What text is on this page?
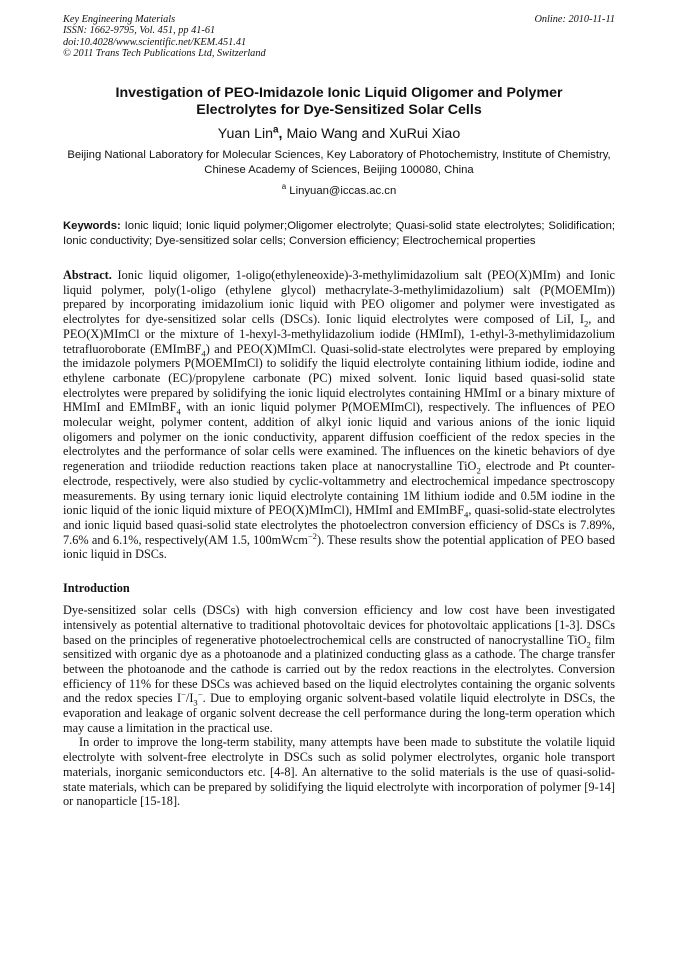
Key Engineering Materials
ISSN: 1662-9795, Vol. 451, pp 41-61
doi:10.4028/www.scientific.net/KEM.451.41
© 2011 Trans Tech Publications Ltd, Switzerland
Online: 2010-11-11
Investigation of PEO-Imidazole Ionic Liquid Oligomer and Polymer
Electrolytes for Dye-Sensitized Solar Cells
Yuan Lin$^a$, Maio Wang and XuRui Xiao
Beijing National Laboratory for Molecular Sciences, Key Laboratory of Photochemistry, Institute of Chemistry, Chinese Academy of Sciences, Beijing 100080, China
$^a$ Linyuan@iccas.ac.cn
Keywords: Ionic liquid; Ionic liquid polymer;Oligomer electrolyte; Quasi-solid state electrolytes; Solidification; Ionic conductivity; Dye-sensitized solar cells; Conversion efficiency; Electrochemical properties
Abstract. Ionic liquid oligomer, 1-oligo(ethyleneoxide)-3-methylimidazolium salt (PEO(X)MIm) and Ionic liquid polymer, poly(1-oligo (ethylene glycol) methacrylate-3-methylimidazolium) salt (P(MOEMIm)) prepared by incorporating imidazolium ionic liquid with PEO oligomer and polymer were investigated as electrolytes for dye-sensitized solar cells (DSCs). Ionic liquid electrolytes were composed of LiI, $I_2$, and PEO(X)MImCl or the mixture of 1-hexyl-3-methylidazolium iodide (HMImI), 1-ethyl-3-methylimidazolium tetrafluoroborate (EMImBF$_4$) and PEO(X)MImCl. Quasi-solid-state electrolytes were prepared by employing the imidazole polymers P(MOEMImCl) to solidify the liquid electrolyte containing lithium iodide, iodine and ethylene carbonate (EC)/propylene carbonate (PC) mixed solvent. Ionic liquid based quasi-solid state electrolytes were prepared by solidifying the ionic liquid electrolytes containing HMImI or a binary mixture of HMImI and EMImBF$_4$ with an ionic liquid polymer P(MOEMImCl), respectively. The influences of PEO molecular weight, polymer content, addition of alkyl ionic liquid and various anions of the ionic liquid oligomers and polymer on the ionic conductivity, apparent diffusion coefficient of the redox species in the electrolytes and the performance of solar cells were examined. The influences on the kinetic behaviors of dye regeneration and triiodide reduction reactions taken place at nanocrystalline TiO$_2$ electrode and Pt counter-electrode, respectively, were also studied by cyclic-voltammetry and electrochemical impedance spectroscopy measurements. By using ternary ionic liquid electrolyte containing 1M lithium iodide and 0.5M iodine in the ionic liquid of the ionic liquid mixture of PEO(X)MImCl), HMImI and EMImBF$_4$, quasi-solid-state electrolytes and ionic liquid based quasi-solid state electrolytes the photoelectron conversion efficiency of DSCs is 7.89%, 7.6% and 6.1%, respectively(AM 1.5, 100mWcm$^{-2}$). These results show the potential application of PEO based ionic liquid in DSCs.
Introduction
Dye-sensitized solar cells (DSCs) with high conversion efficiency and low cost have been investigated intensively as potential alternative to traditional photovoltaic devices for photovoltaic applications [1-3]. DSCs based on the principles of regenerative photoelectrochemical cells are constructed of nanocrystalline TiO$_2$ film sensitized with organic dye as a photoanode and a platinized conducting glass as a cathode. The charge transfer between the photoanode and the cathode is carried out by the redox reactions in the electrolytes. Conversion efficiency of 11% for these DSCs was achieved based on the liquid electrolytes containing the organic solvents and the redox species $I^-/I_3^-$. Due to employing organic solvent-based volatile liquid electrolyte in DSCs, the evaporation and leakage of organic solvent decrease the cell performance during the long-term operation which may cause a limitation in the practical use.
In order to improve the long-term stability, many attempts have been made to substitute the volatile liquid electrolyte with solvent-free electrolyte in DSCs such as solid polymer electrolytes, organic hole transport materials, inorganic semiconductors etc. [4-8]. An alternative to the solid materials is the use of quasi-solid-state materials, which can be prepared by solidifying the liquid electrolyte with incorporation of polymer [9-14] or nanoparticle [15-18].
